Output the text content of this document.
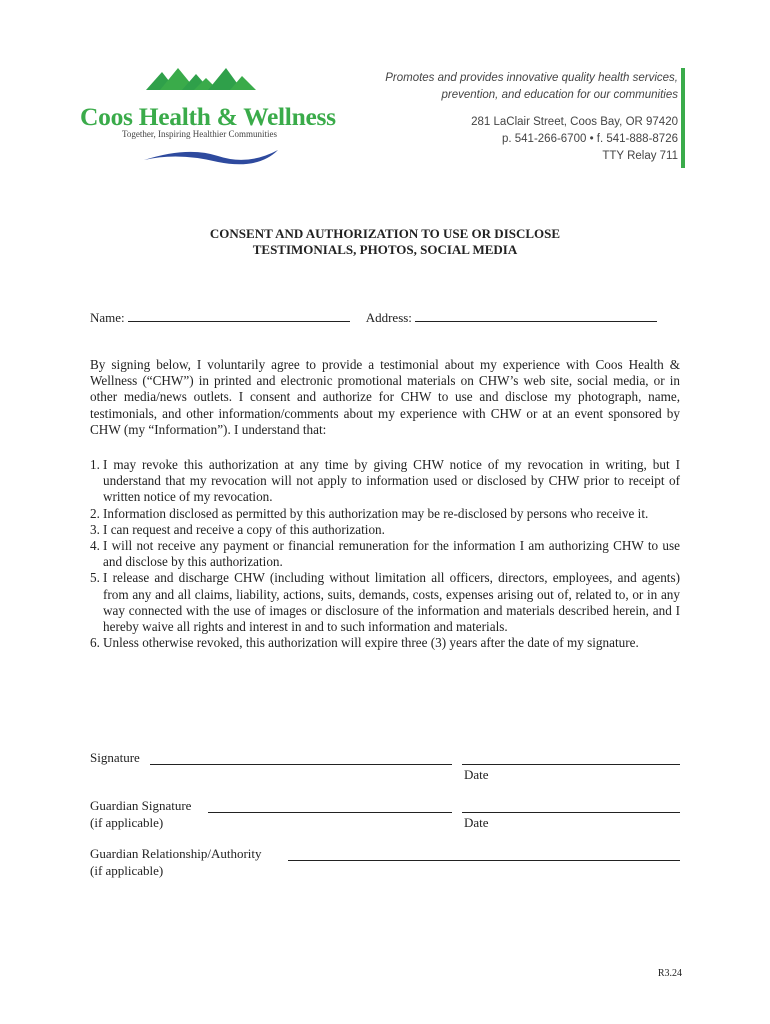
Coos Health & Wellness
Together, Inspiring Healthier Communities
Promotes and provides innovative quality health services,
prevention, and education for our communities
281 LaClair Street, Coos Bay, OR 97420
p. 541-266-6700 • f. 541-888-8726
TTY Relay 711
CONSENT AND AUTHORIZATION TO USE OR DISCLOSE
TESTIMONIALS, PHOTOS, SOCIAL MEDIA
Name:	Address:
By signing below, I voluntarily agree to provide a testimonial about my experience with Coos Health & Wellness (“CHW”) in printed and electronic promotional materials on CHW’s web site, social media, or in other media/news outlets. I consent and authorize for CHW to use and disclose my photograph, name, testimonials, and other information/comments about my experience with CHW or at an event sponsored by CHW (my “Information”). I understand that:
1. I may revoke this authorization at any time by giving CHW notice of my revocation in writing, but I understand that my revocation will not apply to information used or disclosed by CHW prior to receipt of written notice of my revocation.
2. Information disclosed as permitted by this authorization may be re-disclosed by persons who receive it.
3. I can request and receive a copy of this authorization.
4. I will not receive any payment or financial remuneration for the information I am authorizing CHW to use and disclose by this authorization.
5. I release and discharge CHW (including without limitation all officers, directors, employees, and agents) from any and all claims, liability, actions, suits, demands, costs, expenses arising out of, related to, or in any way connected with the use of images or disclosure of the information and materials described herein, and I hereby waive all rights and interest in and to such information and materials.
6. Unless otherwise revoked, this authorization will expire three (3) years after the date of my signature.
Signature
Date
Guardian Signature
(if applicable)	Date
Guardian Relationship/Authority
(if applicable)
R3.24
